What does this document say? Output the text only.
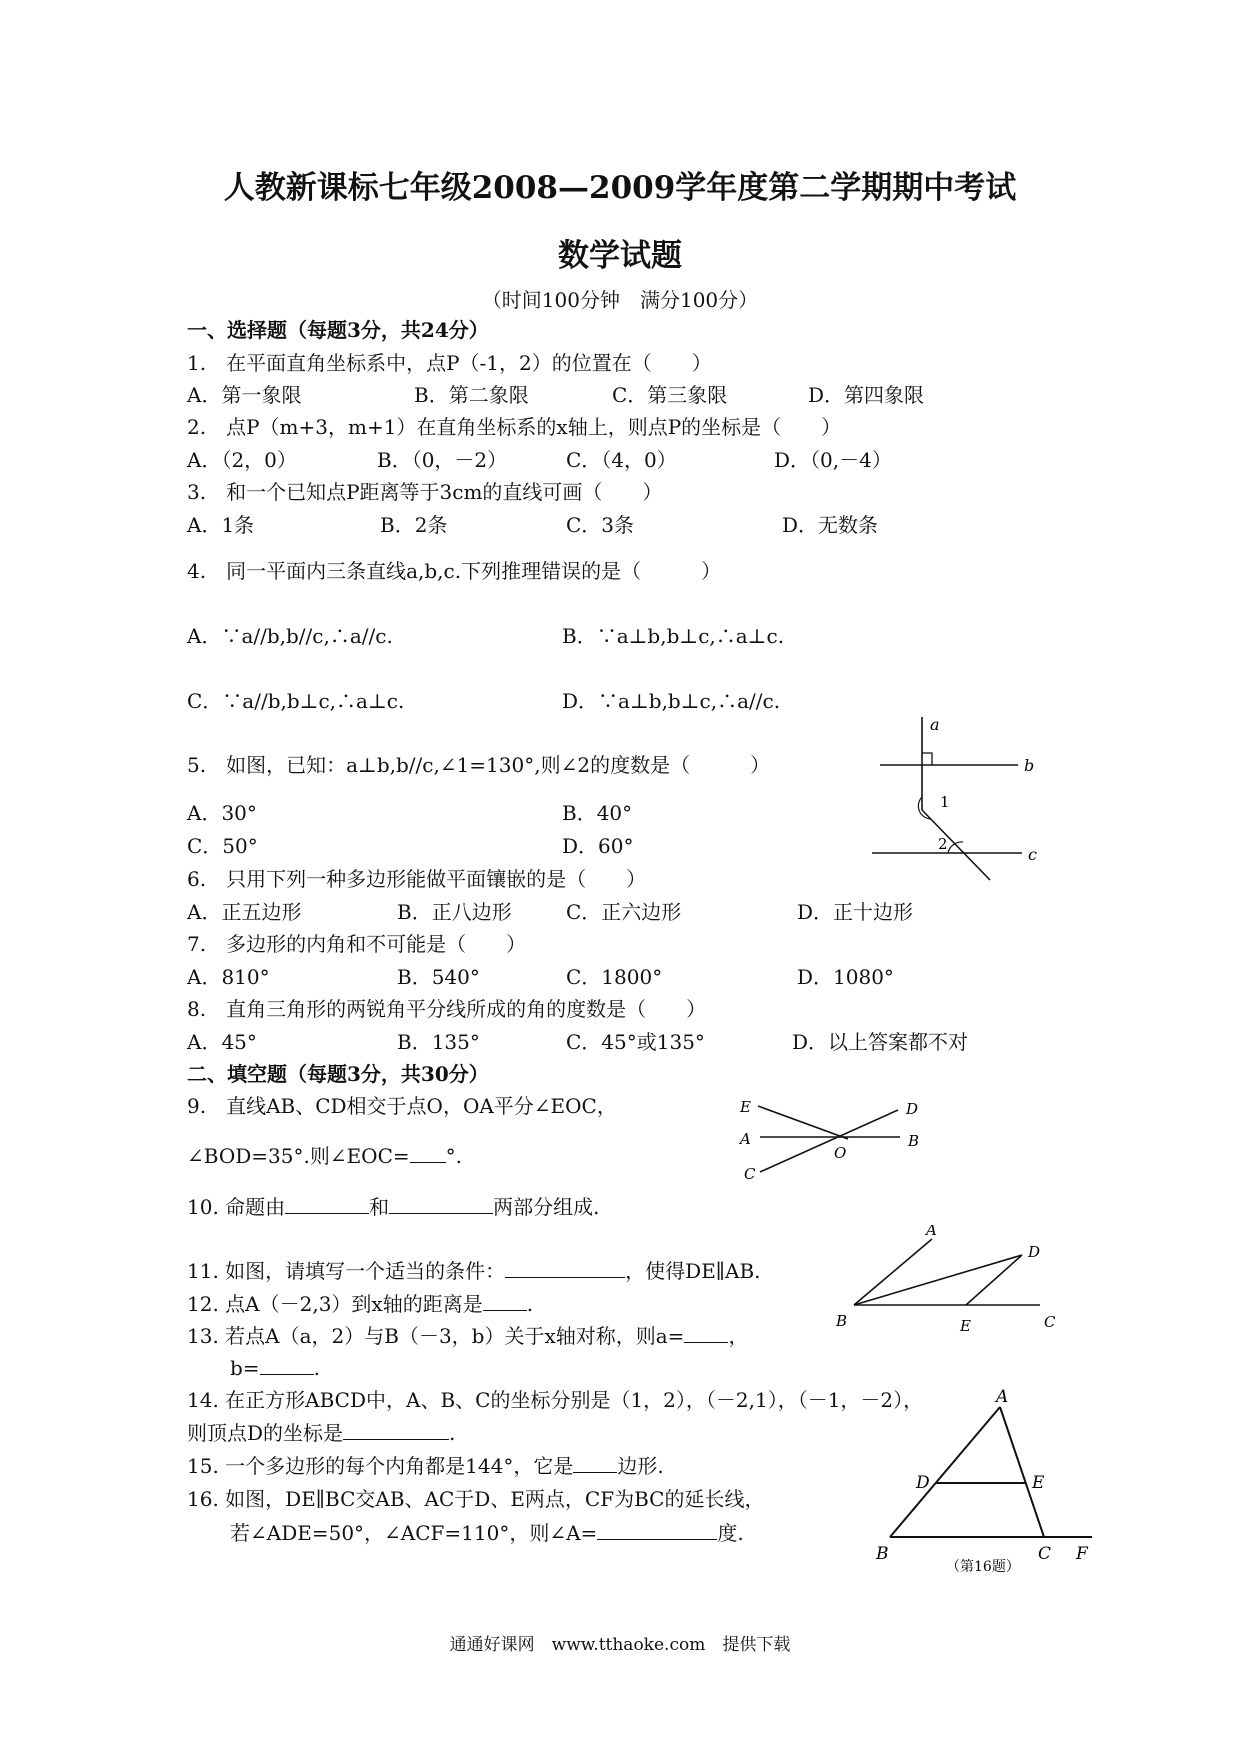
人教新课标七年级2008—2009学年度第二学期期中考试
数学试题
（时间100分钟　满分100分）
一、选择题（每题3分，共24分）
1.　在平面直角坐标系中，点P（-1，2）的位置在（　　）
A．第一象限	B．第二象限	C．第三象限	D．第四象限
2.　点P（m+3，m+1）在直角坐标系的x轴上，则点P的坐标是（　　）
A．（2，0）	B．（0，－2）	C．（4，0）	D．（0,－4）
3.　和一个已知点P距离等于3cm的直线可画（　　）
A．1条	B．2条	C．3条	D．无数条
4.　同一平面内三条直线a,b,c.下列推理错误的是（　　　）
A．∵a//b,b//c,∴a//c.	B．∵a⊥b,b⊥c,∴a⊥c.
C．∵a//b,b⊥c,∴a⊥c.	D．∵a⊥b,b⊥c,∴a//c.
5.　如图，已知：a⊥b,b//c,∠1=130°,则∠2的度数是（　　　）
A．30°	B．40°
C．50°	D．60°
a
b
c
1
2
6.　只用下列一种多边形能做平面镶嵌的是（　　）
A．正五边形	B．正八边形	C．正六边形	D．正十边形
7.　多边形的内角和不可能是（　　）
A．810°	B．540°	C．1800°	D．1080°
8.　直角三角形的两锐角平分线所成的角的度数是（　　）
A．45°	B．135°	C．45°或135°	D．以上答案都不对
二、填空题（每题3分，共30分）
9.　直线AB、CD相交于点O，OA平分∠EOC，
∠BOD=35°.则∠EOC= °.
E	D
A	B
C
O
10. 命题由	和	两部分组成.
11. 如图，请填写一个适当的条件：	，使得DE∥AB.
A
D
B	E	C
12. 点A（－2,3）到x轴的距离是 .
13. 若点A（a，2）与B（－3，b）关于x轴对称，则a= ，
b=	.
14. 在正方形ABCD中，A、B、C的坐标分别是（1，2），（－2,1），（－1，－2），
则顶点D的坐标是	.
15. 一个多边形的每个内角都是144°，它是 边形.
16. 如图，DE∥BC交AB、AC于D、E两点，CF为BC的延长线，
若∠ADE=50°，∠ACF=110°，则∠A=	度.
A
D	E
B	C F
（第16题）
通通好课网　www.tthaoke.com　提供下载
